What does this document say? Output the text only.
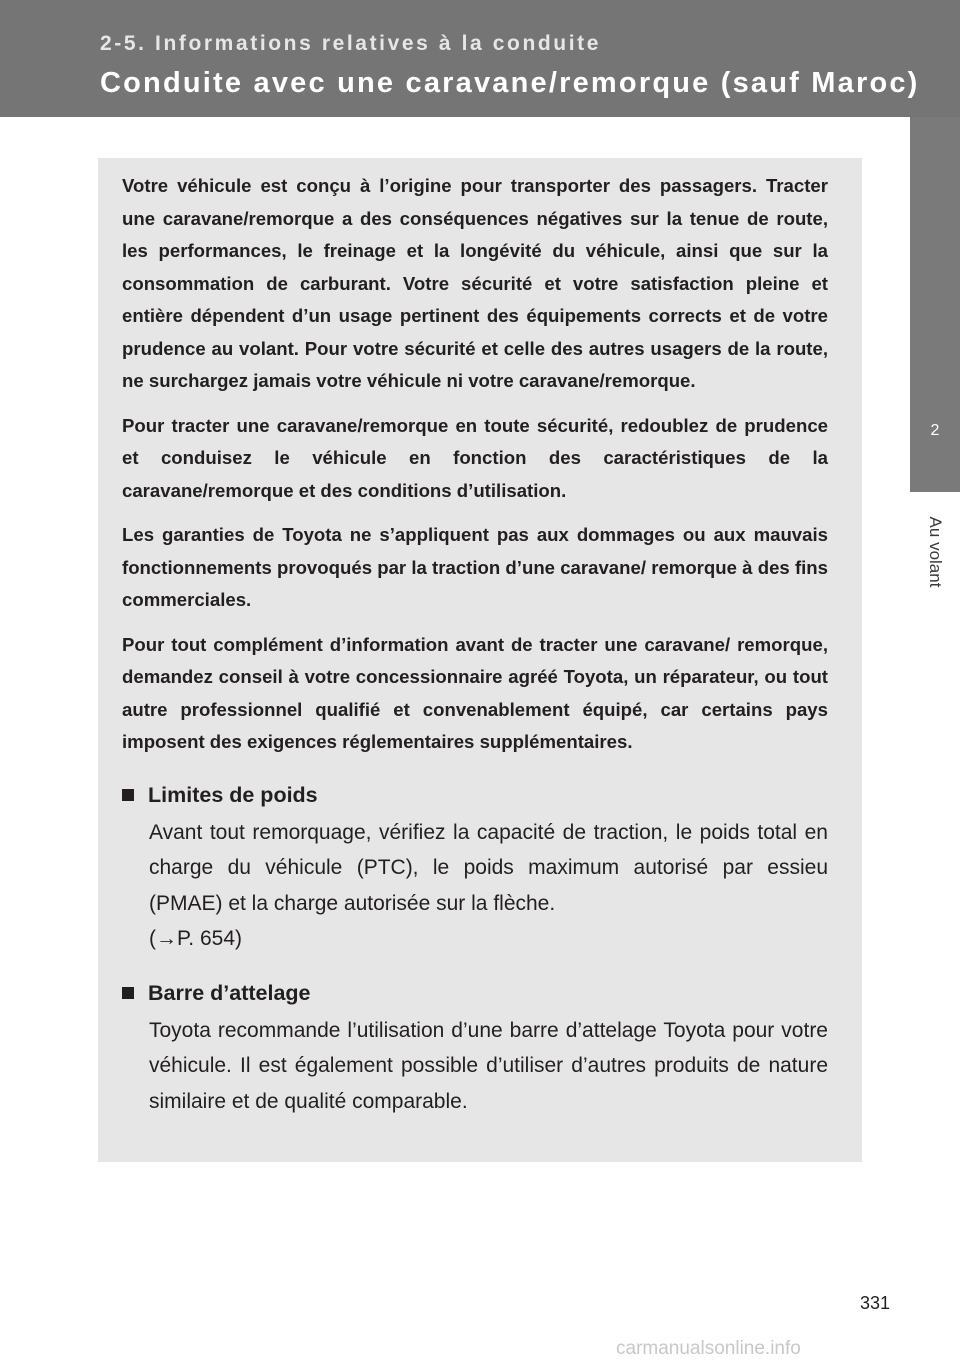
2-5. Informations relatives à la conduite

Conduite avec une caravane/remorque (sauf Maroc)

2
Au volant

Votre véhicule est conçu à l’origine pour transporter des passagers. Tracter une caravane/remorque a des conséquences négatives sur la tenue de route, les performances, le freinage et la longévité du véhicule, ainsi que sur la consommation de carburant. Votre sécurité et votre satisfaction pleine et entière dépendent d’un usage pertinent des équipements corrects et de votre prudence au volant. Pour votre sécurité et celle des autres usagers de la route, ne surchargez jamais votre véhicule ni votre caravane/remorque.

Pour tracter une caravane/remorque en toute sécurité, redoublez de prudence et conduisez le véhicule en fonction des caractéristiques de la caravane/remorque et des conditions d’utilisation.

Les garanties de Toyota ne s’appliquent pas aux dommages ou aux mauvais fonctionnements provoqués par la traction d’une caravane/ remorque à des fins commerciales.

Pour tout complément d’information avant de tracter une caravane/ remorque, demandez conseil à votre concessionnaire agréé Toyota, un réparateur, ou tout autre professionnel qualifié et convenablement équipé, car certains pays imposent des exigences réglementaires supplémentaires.

Limites de poids

Avant tout remorquage, vérifiez la capacité de traction, le poids total en charge du véhicule (PTC), le poids maximum autorisé par essieu (PMAE) et la charge autorisée sur la flèche.
(→P. 654)

Barre d’attelage

Toyota recommande l’utilisation d’une barre d’attelage Toyota pour votre véhicule. Il est également possible d’utiliser d’autres produits de nature similaire et de qualité comparable.

331
carmanualsonline.info
